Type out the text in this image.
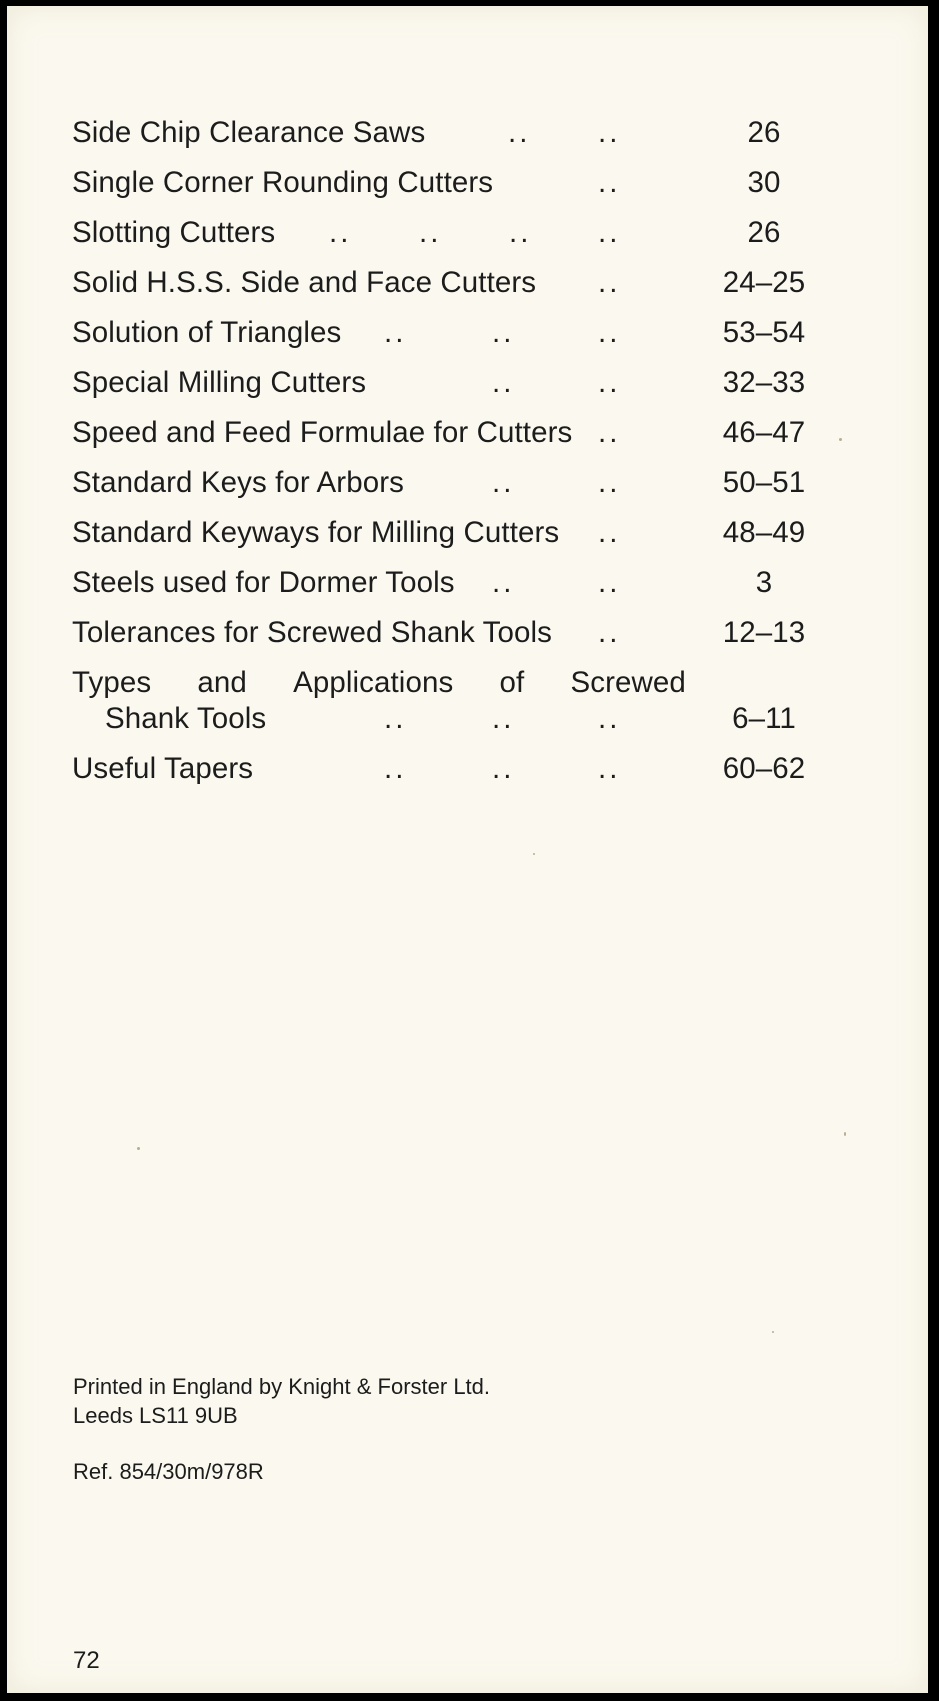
Side Chip Clearance Saws	.. ..	26
Single Corner Rounding Cutters	..	30
Slotting Cutters .. .. .. ..	26
Solid H.S.S. Side and Face Cutters ..	24–25
Solution of Triangles ..	..	..	53–54
Special Milling Cutters	..	..	32–33
Speed and Feed Formulae for Cutters ..	46–47
Standard Keys for Arbors	..	..	50–51
Standard Keyways for Milling Cutters ..	48–49
Steels used for Dormer Tools ..	..	3
Tolerances for Screwed Shank Tools ..	12–13
Types and Applications of Screwed
Shank Tools	..	..	..	6–11
Useful Tapers	..	..	..	60–62
Printed in England by Knight & Forster Ltd.
Leeds LS11 9UB
Ref. 854/30m/978R
72
